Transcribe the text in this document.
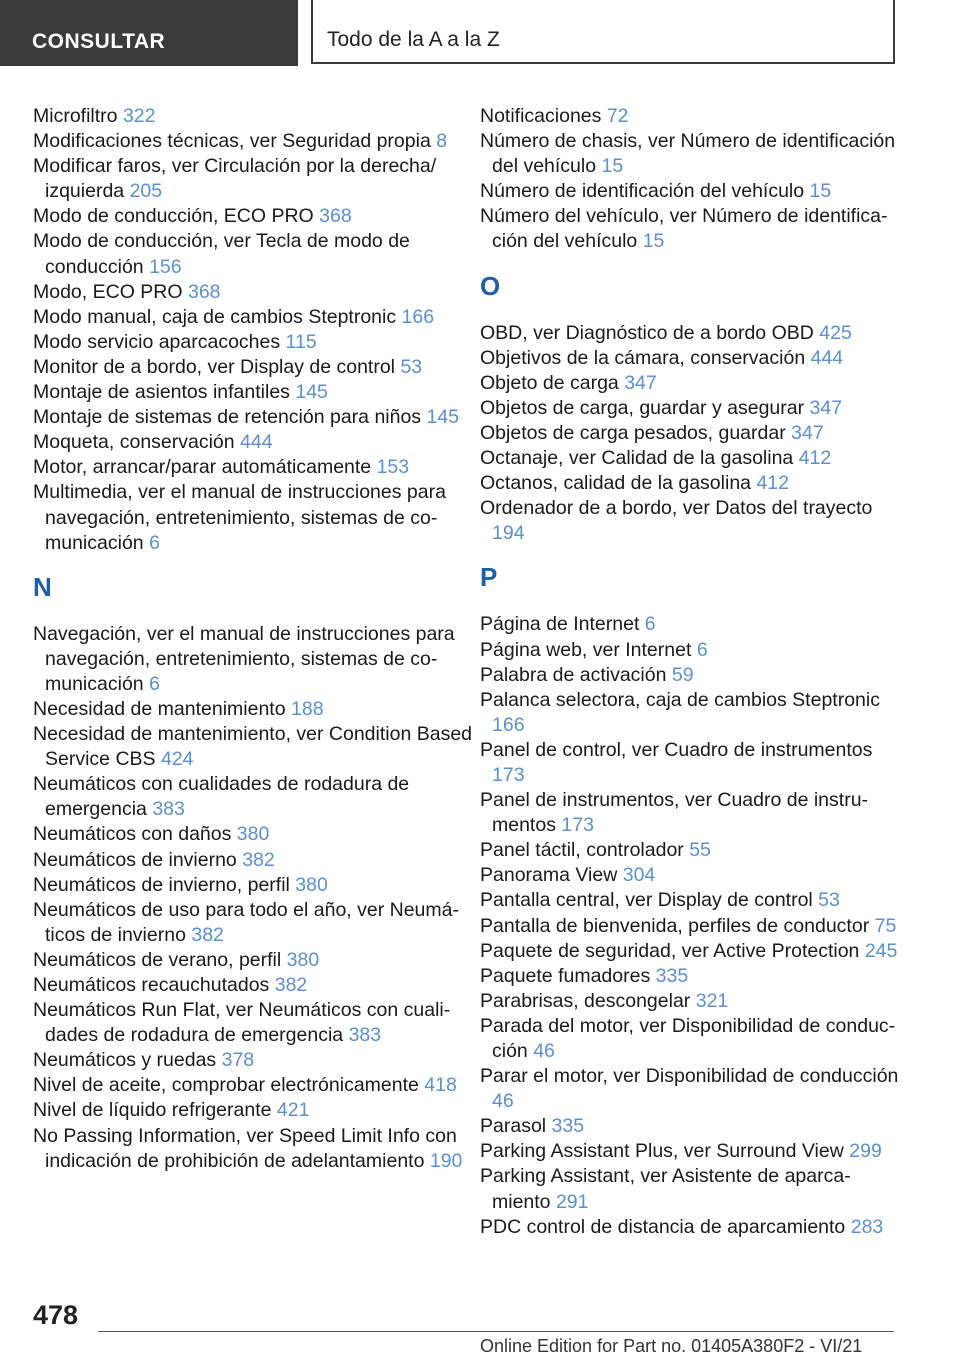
CONSULTAR	Todo de la A a la Z
Microfiltro 322
Modificaciones técnicas, ver Seguridad propia 8
Modificar faros, ver Circulación por la derecha/ izquierda 205
Modo de conducción, ECO PRO 368
Modo de conducción, ver Tecla de modo de conducción 156
Modo, ECO PRO 368
Modo manual, caja de cambios Steptronic 166
Modo servicio aparcacoches 115
Monitor de a bordo, ver Display de control 53
Montaje de asientos infantiles 145
Montaje de sistemas de retención para niños 145
Moqueta, conservación 444
Motor, arrancar/parar automáticamente 153
Multimedia, ver el manual de instrucciones para navegación, entretenimiento, sistemas de comunicación 6
N
Navegación, ver el manual de instrucciones para navegación, entretenimiento, sistemas de comunicación 6
Necesidad de mantenimiento 188
Necesidad de mantenimiento, ver Condition Based Service CBS 424
Neumáticos con cualidades de rodadura de emergencia 383
Neumáticos con daños 380
Neumáticos de invierno 382
Neumáticos de invierno, perfil 380
Neumáticos de uso para todo el año, ver Neumáticos de invierno 382
Neumáticos de verano, perfil 380
Neumáticos recauchutados 382
Neumáticos Run Flat, ver Neumáticos con cualidades de rodadura de emergencia 383
Neumáticos y ruedas 378
Nivel de aceite, comprobar electrónicamente 418
Nivel de líquido refrigerante 421
No Passing Information, ver Speed Limit Info con indicación de prohibición de adelantamiento 190
Notificaciones 72
Número de chasis, ver Número de identificación del vehículo 15
Número de identificación del vehículo 15
Número del vehículo, ver Número de identificación del vehículo 15
O
OBD, ver Diagnóstico de a bordo OBD 425
Objetivos de la cámara, conservación 444
Objeto de carga 347
Objetos de carga, guardar y asegurar 347
Objetos de carga pesados, guardar 347
Octanaje, ver Calidad de la gasolina 412
Octanos, calidad de la gasolina 412
Ordenador de a bordo, ver Datos del trayecto 194
P
Página de Internet 6
Página web, ver Internet 6
Palabra de activación 59
Palanca selectora, caja de cambios Steptronic 166
Panel de control, ver Cuadro de instrumentos 173
Panel de instrumentos, ver Cuadro de instrumentos 173
Panel táctil, controlador 55
Panorama View 304
Pantalla central, ver Display de control 53
Pantalla de bienvenida, perfiles de conductor 75
Paquete de seguridad, ver Active Protection 245
Paquete fumadores 335
Parabrisas, descongelar 321
Parada del motor, ver Disponibilidad de conducción 46
Parar el motor, ver Disponibilidad de conducción 46
Parasol 335
Parking Assistant Plus, ver Surround View 299
Parking Assistant, ver Asistente de aparcamiento 291
PDC control de distancia de aparcamiento 283
478
Online Edition for Part no. 01405A380F2 - VI/21
